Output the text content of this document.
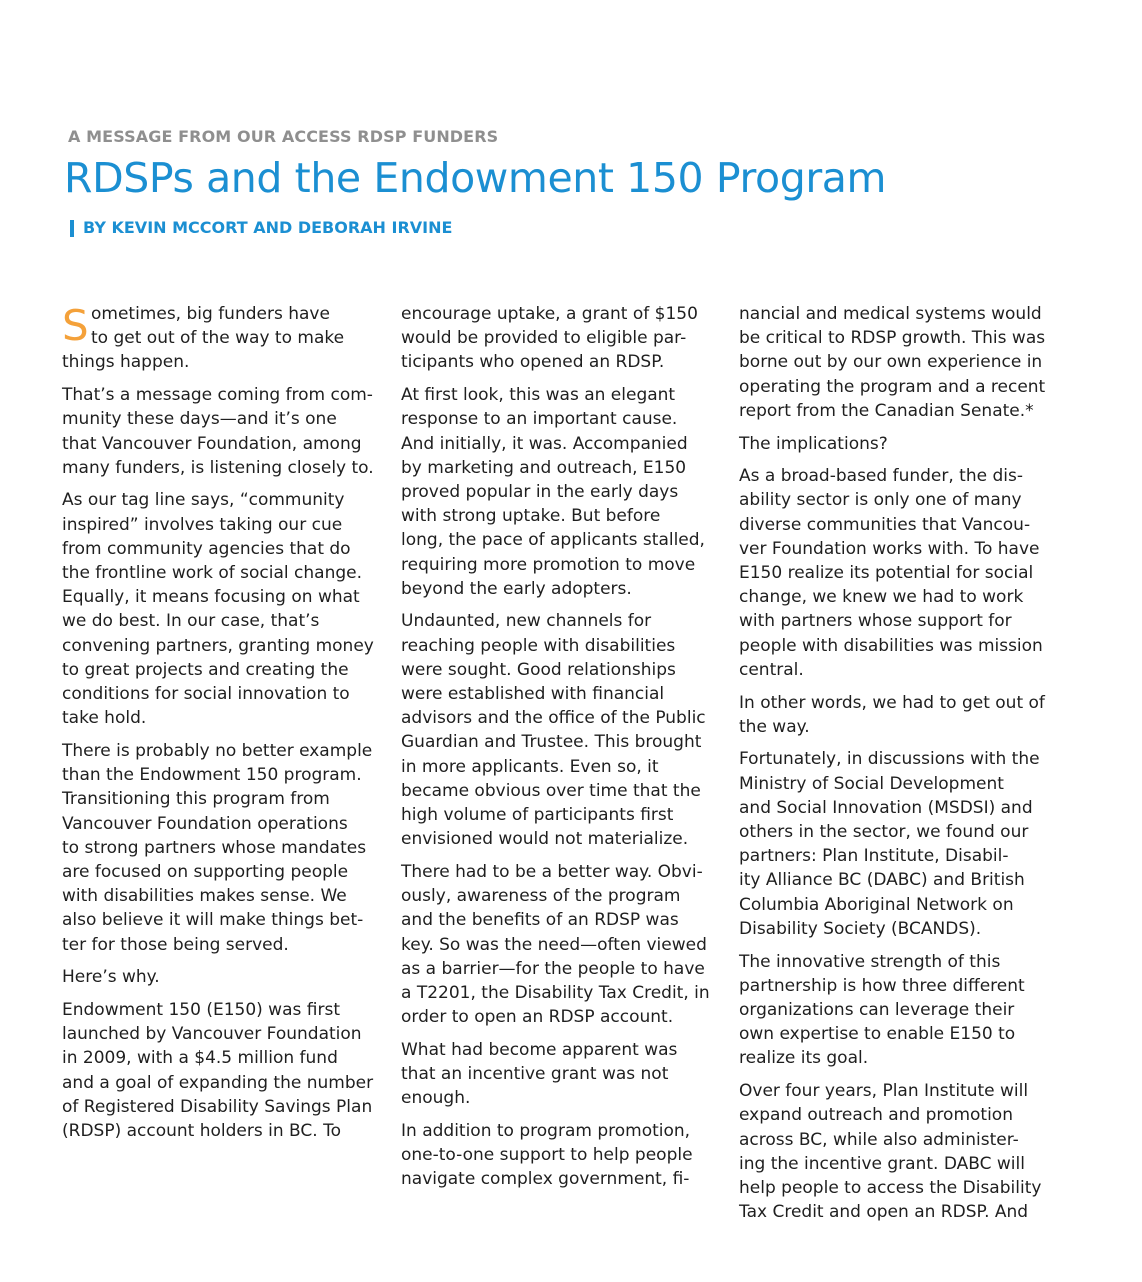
A MESSAGE FROM OUR ACCESS RDSP FUNDERS
RDSPs and the Endowment 150 Program
BY KEVIN MCCORT AND DEBORAH IRVINE

S ometimes, big funders have
to get out of the way to make
things happen.

That’s a message coming from com-
munity these days—and it’s one
that Vancouver Foundation, among
many funders, is listening closely to.

As our tag line says, “community
inspired” involves taking our cue
from community agencies that do
the frontline work of social change.
Equally, it means focusing on what
we do best. In our case, that’s
convening partners, granting money
to great projects and creating the
conditions for social innovation to
take hold.

There is probably no better example
than the Endowment 150 program.
Transitioning this program from
Vancouver Foundation operations
to strong partners whose mandates
are focused on supporting people
with disabilities makes sense. We
also believe it will make things bet-
ter for those being served.

Here’s why.

Endowment 150 (E150) was first
launched by Vancouver Foundation
in 2009, with a $4.5 million fund
and a goal of expanding the number
of Registered Disability Savings Plan
(RDSP) account holders in BC. To

encourage uptake, a grant of $150
would be provided to eligible par-
ticipants who opened an RDSP.

At first look, this was an elegant
response to an important cause.
And initially, it was. Accompanied
by marketing and outreach, E150
proved popular in the early days
with strong uptake. But before
long, the pace of applicants stalled,
requiring more promotion to move
beyond the early adopters.

Undaunted, new channels for
reaching people with disabilities
were sought. Good relationships
were established with financial
advisors and the office of the Public
Guardian and Trustee. This brought
in more applicants. Even so, it
became obvious over time that the
high volume of participants first
envisioned would not materialize.

There had to be a better way. Obvi-
ously, awareness of the program
and the benefits of an RDSP was
key. So was the need—often viewed
as a barrier—for the people to have
a T2201, the Disability Tax Credit, in
order to open an RDSP account.

What had become apparent was
that an incentive grant was not
enough.

In addition to program promotion,
one-to-one support to help people
navigate complex government, fi-

nancial and medical systems would
be critical to RDSP growth. This was
borne out by our own experience in
operating the program and a recent
report from the Canadian Senate.*

The implications?

As a broad-based funder, the dis-
ability sector is only one of many
diverse communities that Vancou-
ver Foundation works with. To have
E150 realize its potential for social
change, we knew we had to work
with partners whose support for
people with disabilities was mission
central.

In other words, we had to get out of
the way.

Fortunately, in discussions with the
Ministry of Social Development
and Social Innovation (MSDSI) and
others in the sector, we found our
partners: Plan Institute, Disabil-
ity Alliance BC (DABC) and British
Columbia Aboriginal Network on
Disability Society (BCANDS).

The innovative strength of this
partnership is how three different
organizations can leverage their
own expertise to enable E150 to
realize its goal.

Over four years, Plan Institute will
expand outreach and promotion
across BC, while also administer-
ing the incentive grant. DABC will
help people to access the Disability
Tax Credit and open an RDSP. And
